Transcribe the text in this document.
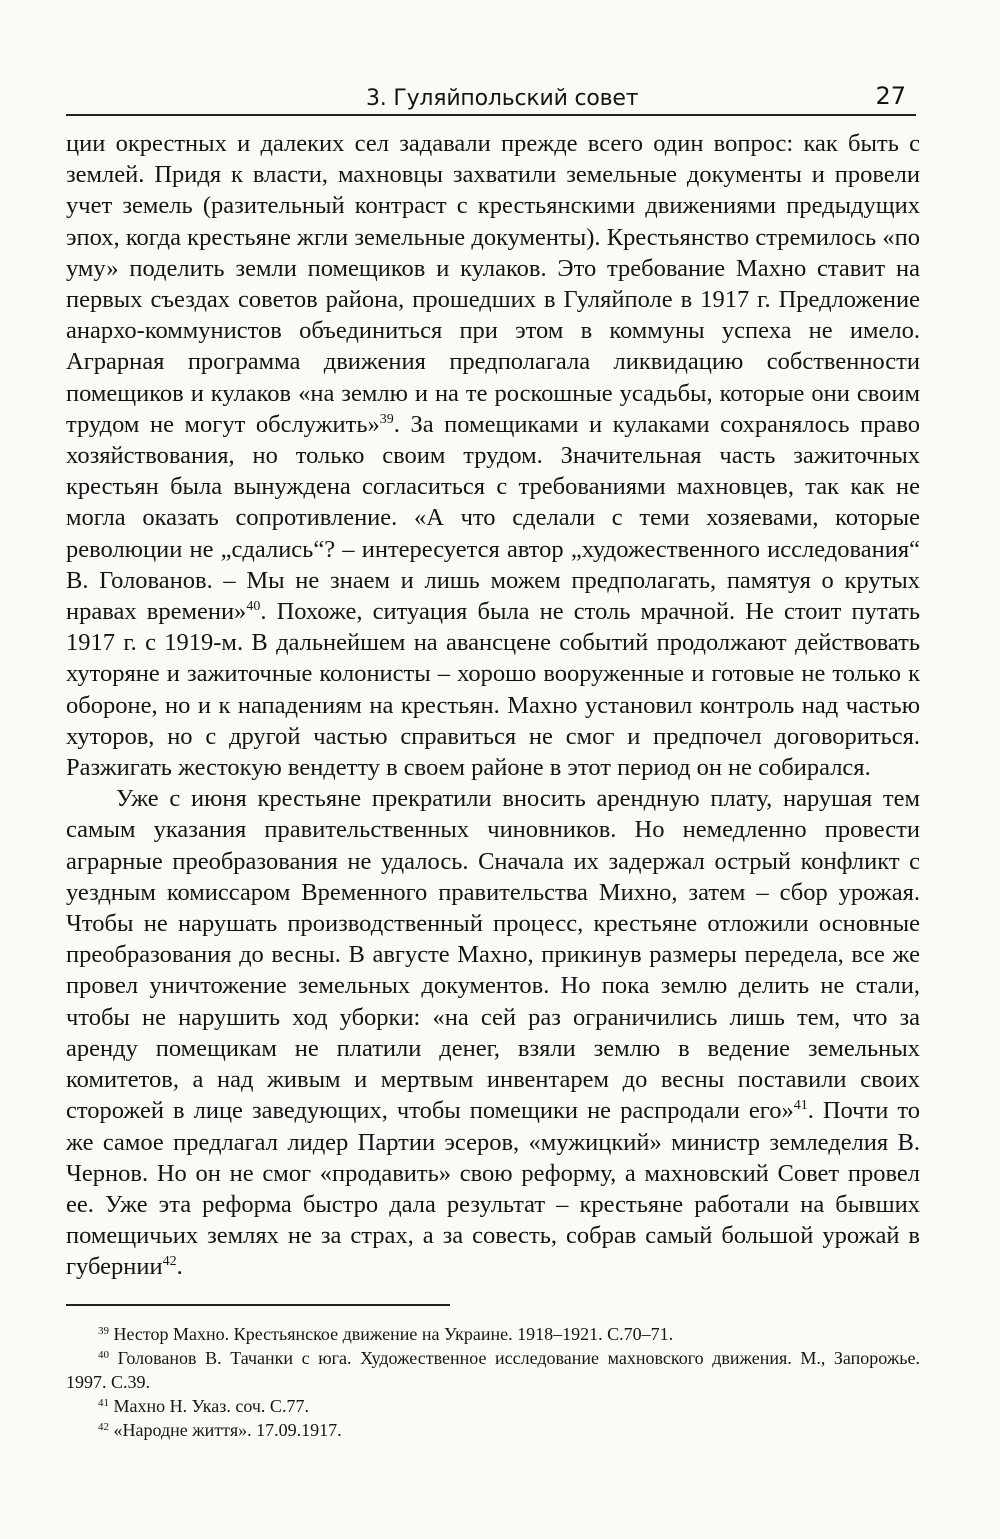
3. Гуляйпольский совет	27

ции окрестных и далеких сел задавали прежде всего один вопрос: как быть с землей. Придя к власти, махновцы захватили земельные документы и провели учет земель (разительный контраст с крестьянскими движениями предыдущих эпох, когда крестьяне жгли земельные документы). Крестьянство стремилось «по уму» поделить земли помещиков и кулаков. Это требование Махно ставит на первых съездах советов района, прошедших в Гуляйполе в 1917 г. Предложение анархо-коммунистов объединиться при этом в коммуны успеха не имело. Аграрная программа движения предполагала ликвидацию собственности помещиков и кулаков «на землю и на те роскошные усадьбы, которые они своим трудом не могут обслужить»$^{39}$. За помещиками и кулаками сохранялось право хозяйствования, но только своим трудом. Значительная часть зажиточных крестьян была вынуждена согласиться с требованиями махновцев, так как не могла оказать сопротивление. «А что сделали с теми хозяевами, которые революции не „сдались“? – интересуется автор „художественного исследования“ В. Голованов. – Мы не знаем и лишь можем предполагать, памятуя о крутых нравах времени»$^{40}$. Похоже, ситуация была не столь мрачной. Не стоит путать 1917 г. с 1919-м. В дальнейшем на авансцене событий продолжают действовать хуторяне и зажиточные колонисты – хорошо вооруженные и готовые не только к обороне, но и к нападениям на крестьян. Махно установил контроль над частью хуторов, но с другой частью справиться не смог и предпочел договориться. Разжигать жестокую вендетту в своем районе в этот период он не собирался.

Уже с июня крестьяне прекратили вносить арендную плату, нарушая тем самым указания правительственных чиновников. Но немедленно провести аграрные преобразования не удалось. Сначала их задержал острый конфликт с уездным комиссаром Временного правительства Михно, затем – сбор урожая. Чтобы не нарушать производственный процесс, крестьяне отложили основные преобразования до весны. В августе Махно, прикинув размеры передела, все же провел уничтожение земельных документов. Но пока землю делить не стали, чтобы не нарушить ход уборки: «на сей раз ограничились лишь тем, что за аренду помещикам не платили денег, взяли землю в ведение земельных комитетов, а над живым и мертвым инвентарем до весны поставили своих сторожей в лице заведующих, чтобы помещики не распродали его»$^{41}$. Почти то же самое предлагал лидер Партии эсеров, «мужицкий» министр земледелия В. Чернов. Но он не смог «продавить» свою реформу, а махновский Совет провел ее. Уже эта реформа быстро дала результат – крестьяне работали на бывших помещичьих землях не за страх, а за совесть, собрав самый большой урожай в губернии$^{42}$.

$^{39}$ Нестор Махно. Крестьянское движение на Украине. 1918–1921. С.70–71.

$^{40}$ Голованов В. Тачанки с юга. Художественное исследование махновского движения. М., Запорожье. 1997. С.39.

$^{41}$ Махно Н. Указ. соч. С.77.

$^{42}$ «Народне життя». 17.09.1917.
